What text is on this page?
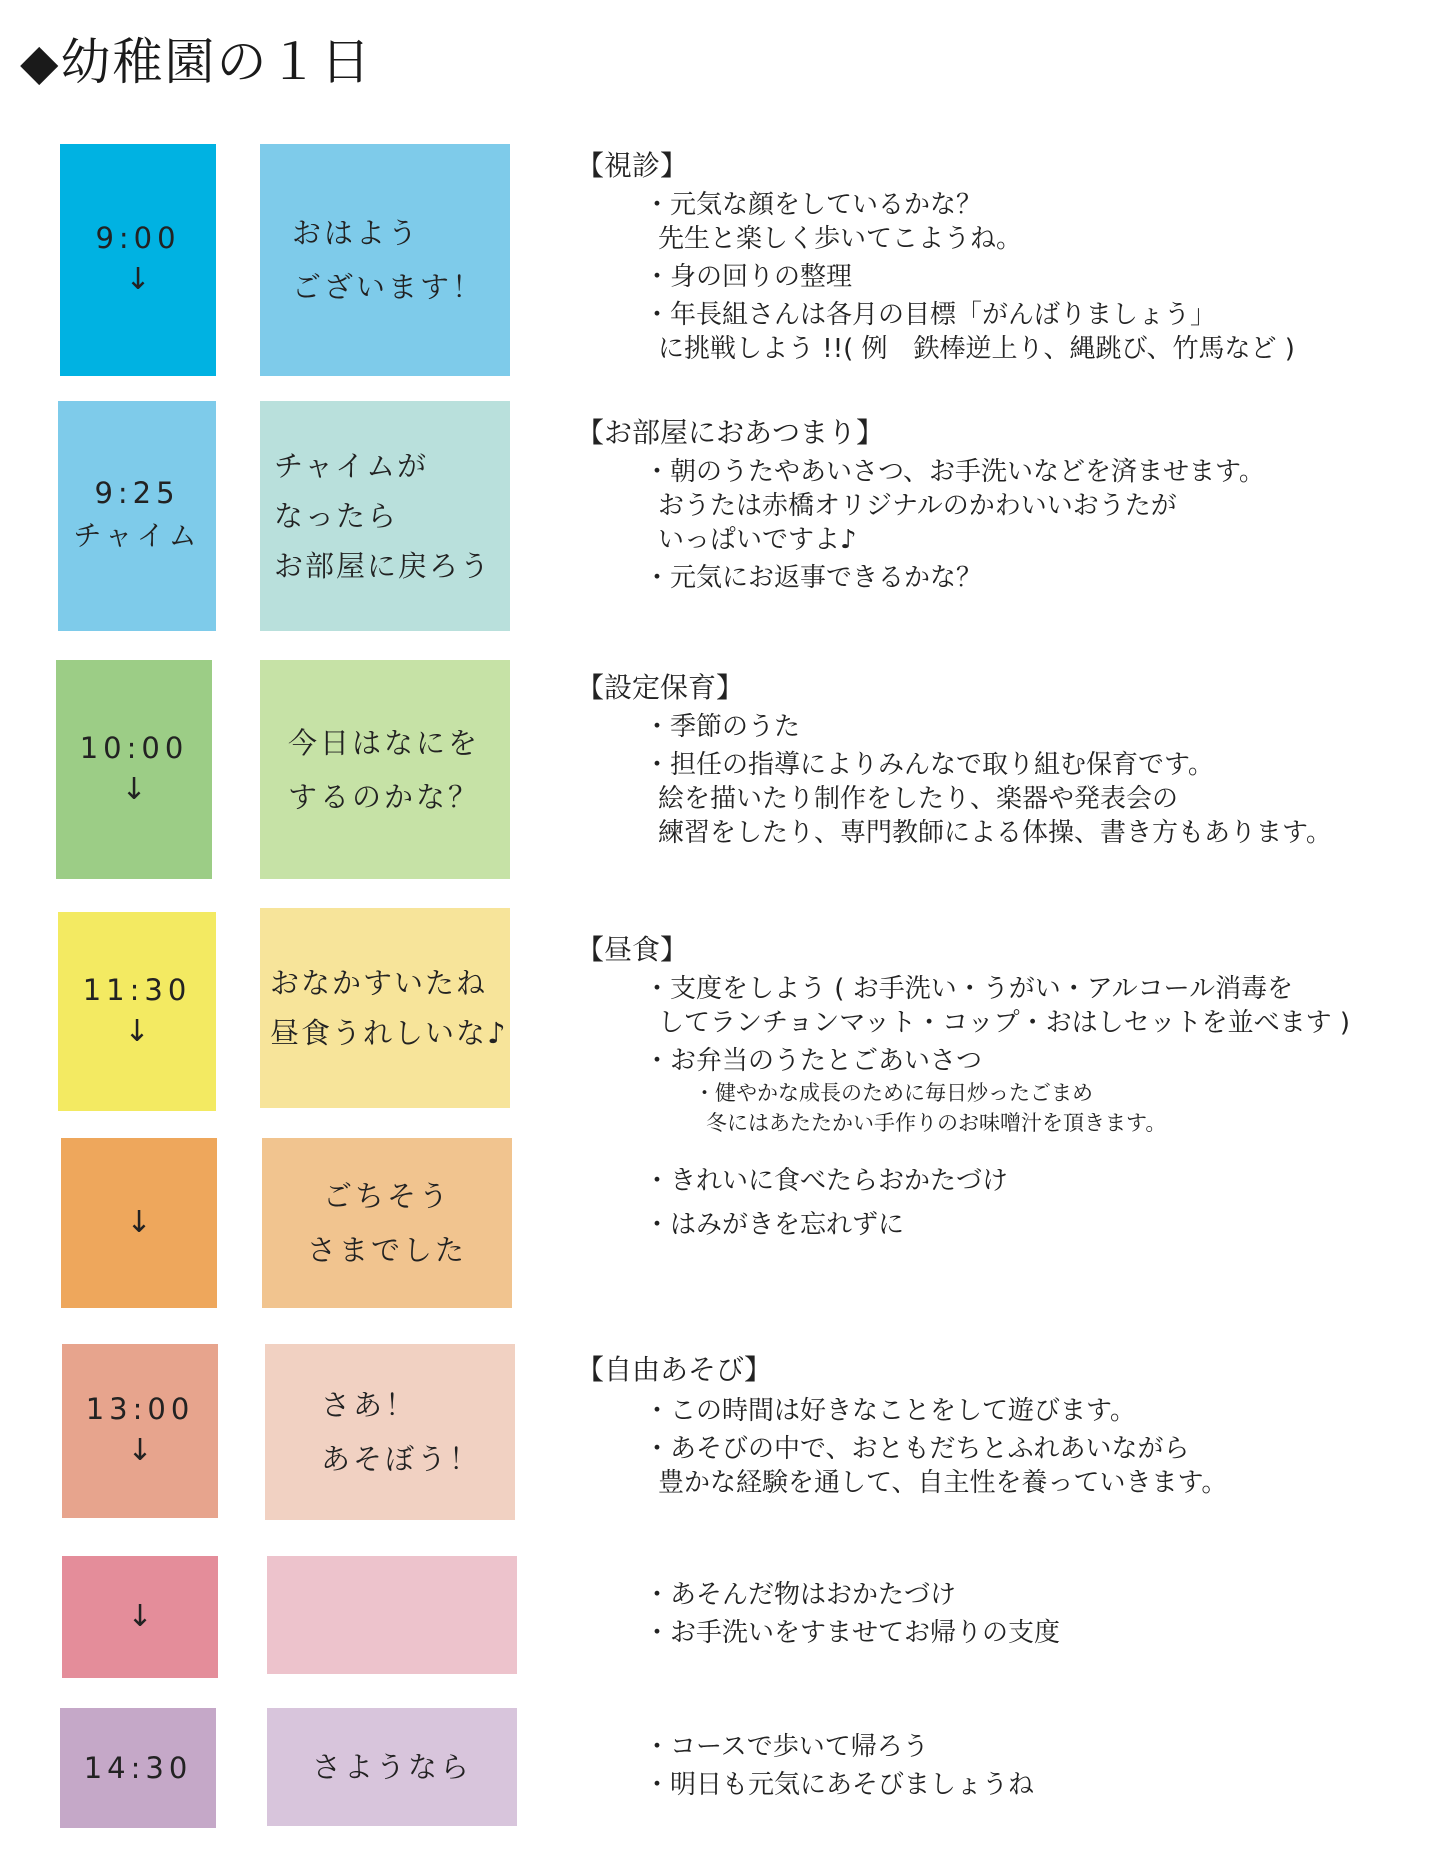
◆幼稚園の１日
9:00
↓
おはよう
ございます！
【視診】
・元気な顔をしているかな？
先生と楽しく歩いてこようね。
・身の回りの整理
・年長組さんは各月の目標「がんばりましょう」
に挑戦しよう !!( 例　鉄棒逆上り、縄跳び、竹馬など )
9:25
チャイム
チャイムが
なったら
お部屋に戻ろう
【お部屋におあつまり】
・朝のうたやあいさつ、お手洗いなどを済ませます。
おうたは赤橋オリジナルのかわいいおうたが
いっぱいですよ♪
・元気にお返事できるかな？
10:00
↓
今日はなにを
するのかな？
【設定保育】
・季節のうた
・担任の指導によりみんなで取り組む保育です。
絵を描いたり制作をしたり、楽器や発表会の
練習をしたり、専門教師による体操、書き方もあります。
11:30
↓
おなかすいたね
昼食うれしいな♪
【昼食】
・支度をしよう ( お手洗い・うがい・アルコール消毒を
してランチョンマット・コップ・おはしセットを並べます )
・お弁当のうたとごあいさつ
・健やかな成長のために毎日炒ったごまめ
冬にはあたたかい手作りのお味噌汁を頂きます。
↓
ごちそう
さまでした
・きれいに食べたらおかたづけ
・はみがきを忘れずに
13:00
↓
さあ！
あそぼう！
【自由あそび】
・この時間は好きなことをして遊びます。
・あそびの中で、おともだちとふれあいながら
豊かな経験を通して、自主性を養っていきます。
↓
・あそんだ物はおかたづけ
・お手洗いをすませてお帰りの支度
14:30	さようなら
・コースで歩いて帰ろう
・明日も元気にあそびましょうね
